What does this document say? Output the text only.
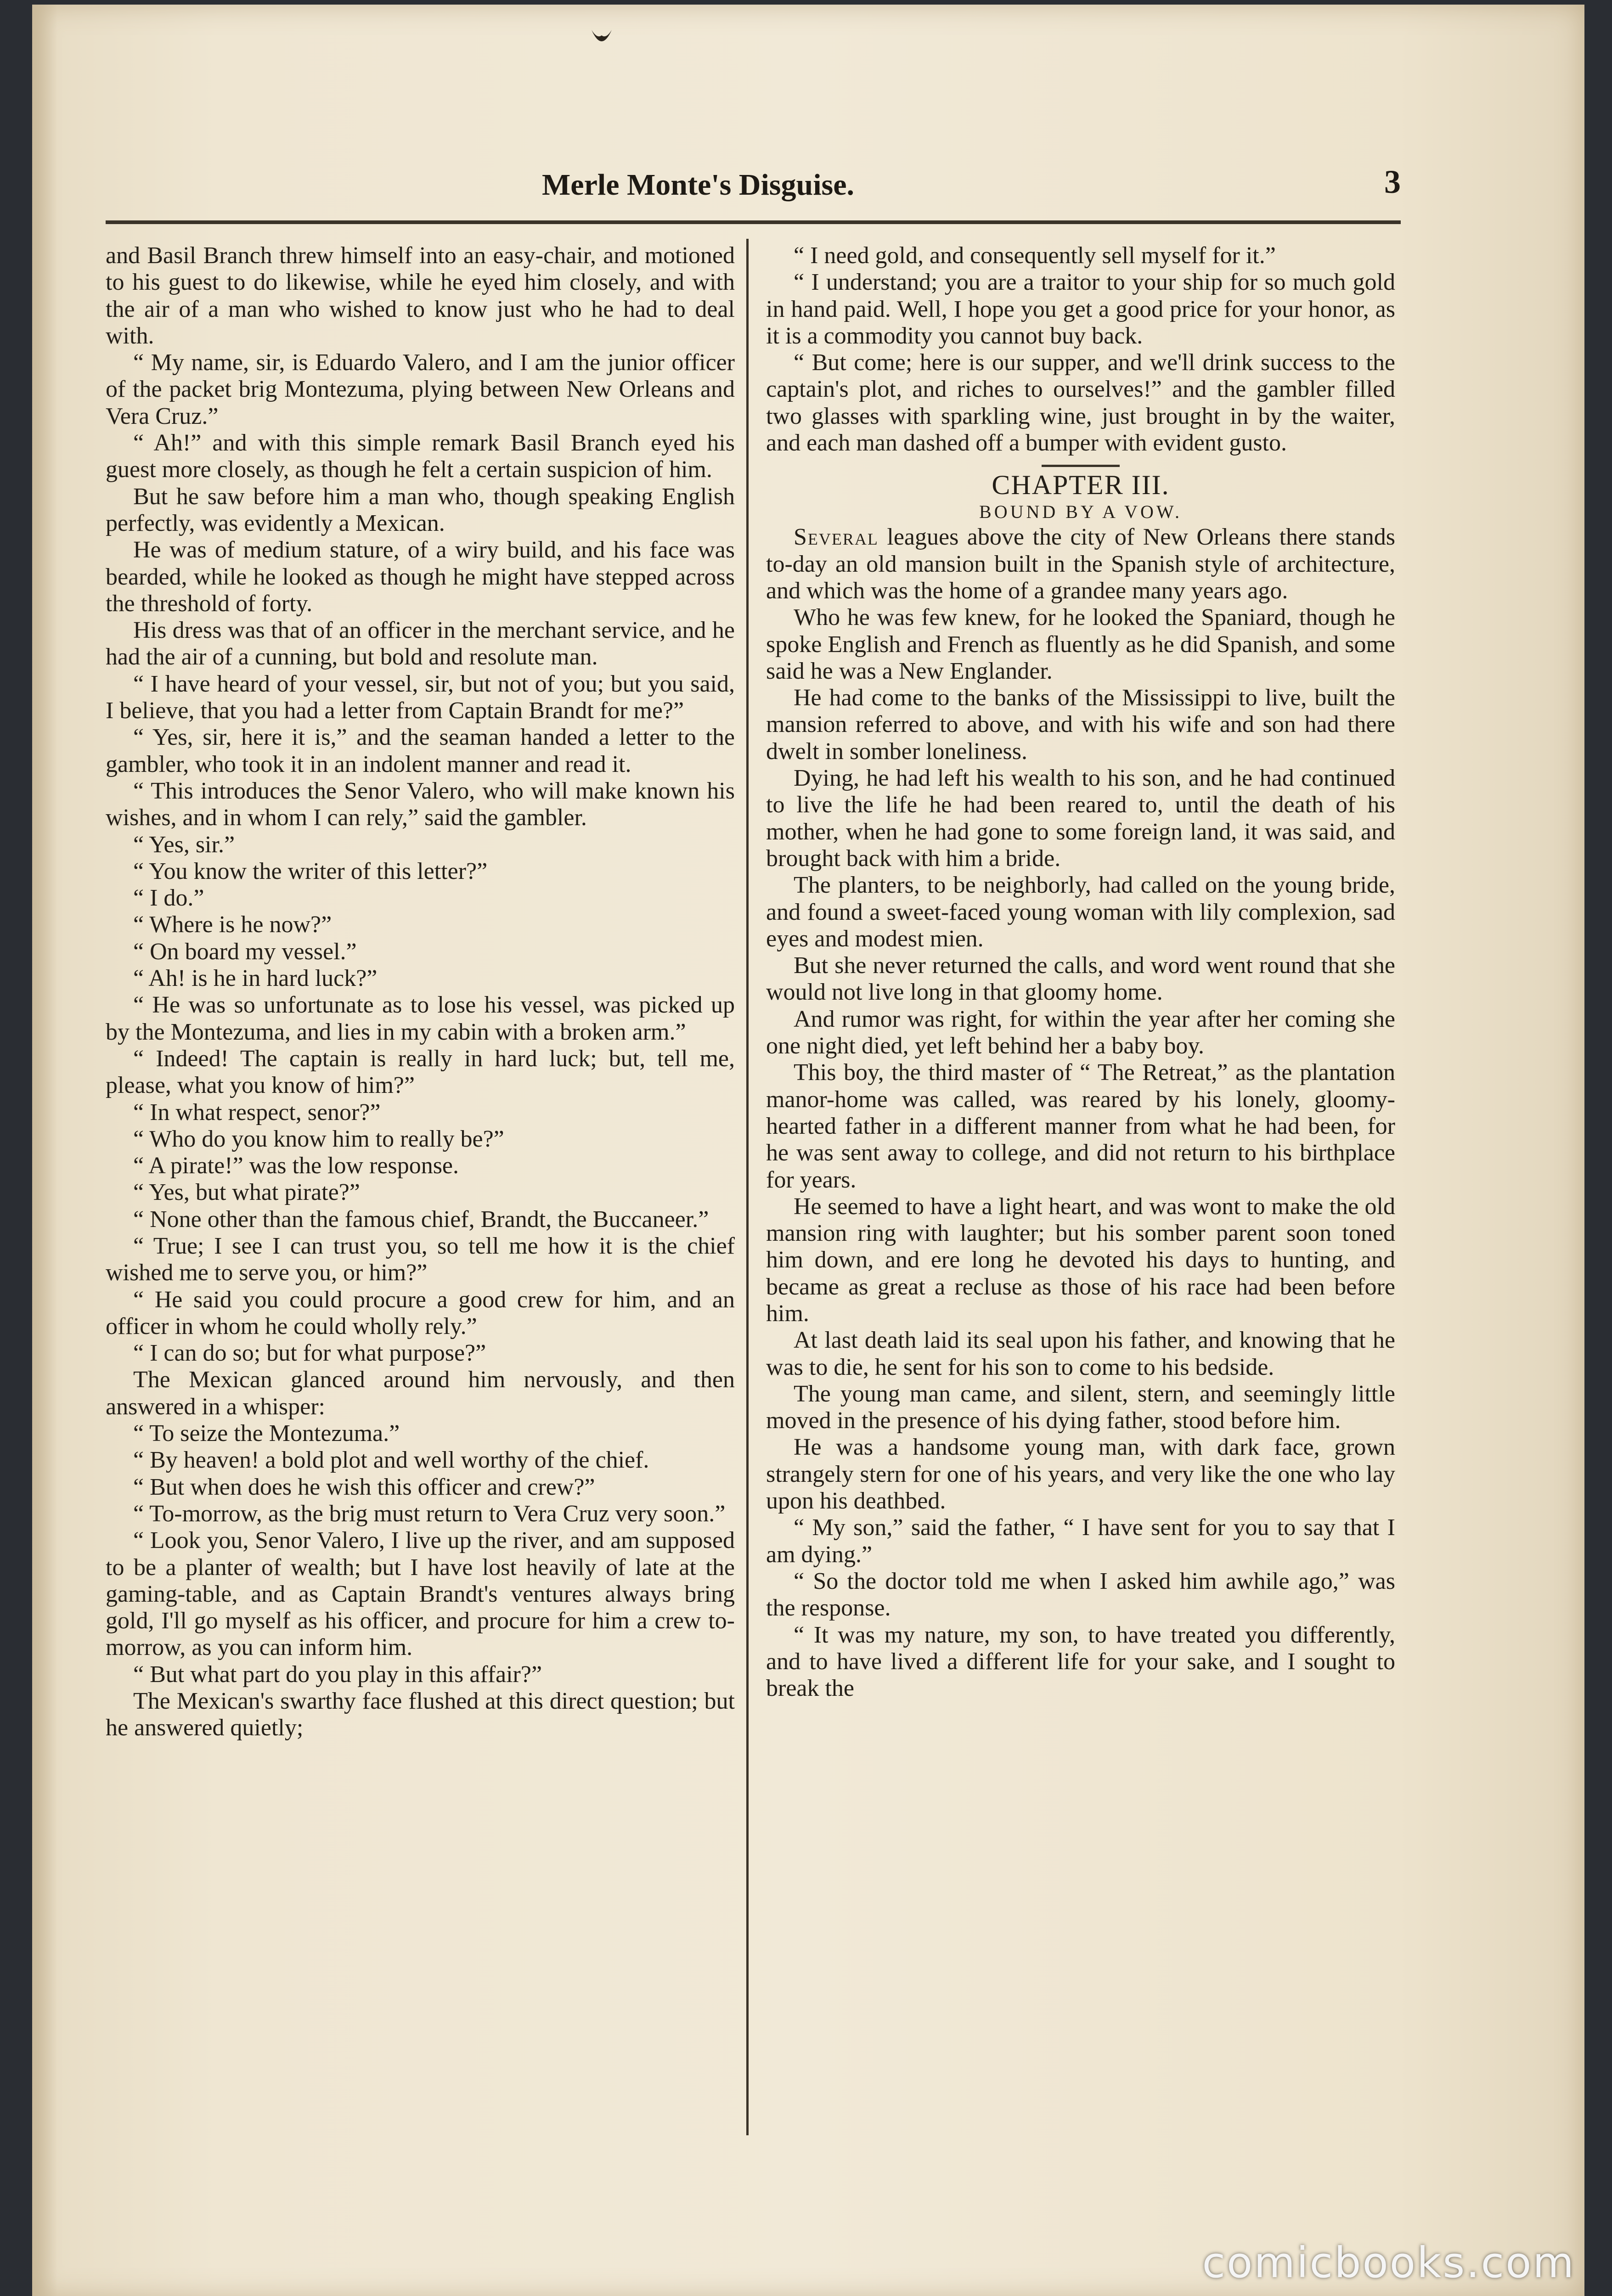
Merle Monte's Disguise.	3

and Basil Branch threw himself into an easy-chair, and motioned to his guest to do likewise, while he eyed him closely, and with the air of a man who wished to know just who he had to deal with.

“ My name, sir, is Eduardo Valero, and I am the junior officer of the packet brig Montezuma, plying between New Orleans and Vera Cruz.”

“ Ah!” and with this simple remark Basil Branch eyed his guest more closely, as though he felt a certain suspicion of him.

But he saw before him a man who, though speaking English perfectly, was evidently a Mexican.

He was of medium stature, of a wiry build, and his face was bearded, while he looked as though he might have stepped across the threshold of forty.

His dress was that of an officer in the merchant service, and he had the air of a cunning, but bold and resolute man.

“ I have heard of your vessel, sir, but not of you; but you said, I believe, that you had a letter from Captain Brandt for me?”

“ Yes, sir, here it is,” and the seaman handed a letter to the gambler, who took it in an indolent manner and read it.

“ This introduces the Senor Valero, who will make known his wishes, and in whom I can rely,” said the gambler.

“ Yes, sir.”

“ You know the writer of this letter?”

“ I do.”

“ Where is he now?”

“ On board my vessel.”

“ Ah! is he in hard luck?”

“ He was so unfortunate as to lose his vessel, was picked up by the Montezuma, and lies in my cabin with a broken arm.”

“ Indeed! The captain is really in hard luck; but, tell me, please, what you know of him?”

“ In what respect, senor?”

“ Who do you know him to really be?”

“ A pirate!” was the low response.

“ Yes, but what pirate?”

“ None other than the famous chief, Brandt, the Buccaneer.”

“ True; I see I can trust you, so tell me how it is the chief wished me to serve you, or him?”

“ He said you could procure a good crew for him, and an officer in whom he could wholly rely.”

“ I can do so; but for what purpose?”

The Mexican glanced around him nervously, and then answered in a whisper:

“ To seize the Montezuma.”

“ By heaven! a bold plot and well worthy of the chief.

“ But when does he wish this officer and crew?”

“ To-morrow, as the brig must return to Vera Cruz very soon.”

“ Look you, Senor Valero, I live up the river, and am supposed to be a planter of wealth; but I have lost heavily of late at the gaming-table, and as Captain Brandt's ventures always bring gold, I'll go myself as his officer, and procure for him a crew to-morrow, as you can inform him.

“ But what part do you play in this affair?”

The Mexican's swarthy face flushed at this direct question; but he answered quietly;

“ I need gold, and consequently sell myself for it.”

“ I understand; you are a traitor to your ship for so much gold in hand paid. Well, I hope you get a good price for your honor, as it is a commodity you cannot buy back.

“ But come; here is our supper, and we'll drink success to the captain's plot, and riches to ourselves!” and the gambler filled two glasses with sparkling wine, just brought in by the waiter, and each man dashed off a bumper with evident gusto.

CHAPTER III.
BOUND BY A VOW.

Several leagues above the city of New Orleans there stands to-day an old mansion built in the Spanish style of architecture, and which was the home of a grandee many years ago.

Who he was few knew, for he looked the Spaniard, though he spoke English and French as fluently as he did Spanish, and some said he was a New Englander.

He had come to the banks of the Mississippi to live, built the mansion referred to above, and with his wife and son had there dwelt in somber loneliness.

Dying, he had left his wealth to his son, and he had continued to live the life he had been reared to, until the death of his mother, when he had gone to some foreign land, it was said, and brought back with him a bride.

The planters, to be neighborly, had called on the young bride, and found a sweet-faced young woman with lily complexion, sad eyes and modest mien.

But she never returned the calls, and word went round that she would not live long in that gloomy home.

And rumor was right, for within the year after her coming she one night died, yet left behind her a baby boy.

This boy, the third master of “ The Retreat,” as the plantation manor-home was called, was reared by his lonely, gloomy-hearted father in a different manner from what he had been, for he was sent away to college, and did not return to his birthplace for years.

He seemed to have a light heart, and was wont to make the old mansion ring with laughter; but his somber parent soon toned him down, and ere long he devoted his days to hunting, and became as great a recluse as those of his race had been before him.

At last death laid its seal upon his father, and knowing that he was to die, he sent for his son to come to his bedside.

The young man came, and silent, stern, and seemingly little moved in the presence of his dying father, stood before him.

He was a handsome young man, with dark face, grown strangely stern for one of his years, and very like the one who lay upon his deathbed.

“ My son,” said the father, “ I have sent for you to say that I am dying.”

“ So the doctor told me when I asked him awhile ago,” was the response.

“ It was my nature, my son, to have treated you differently, and to have lived a different life for your sake, and I sought to break the

comicbooks.com
